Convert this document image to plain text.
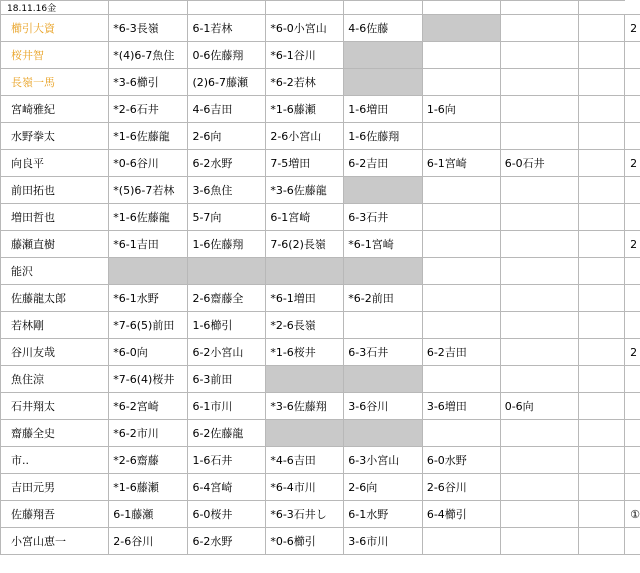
18.11.16金								
櫛引大資	*6-3長嶺	6-1若林	*6-0小宮山	4-6佐藤				2
桜井智	*(4)6-7魚住	0-6佐藤翔	*6-1谷川					
長嶺一馬	*3-6櫛引	(2)6-7藤瀬	*6-2若林					
宮崎雅紀	*2-6石井	4-6吉田	*1-6藤瀬	1-6増田	1-6向			
水野拳太	*1-6佐藤龍	2-6向	2-6小宮山	1-6佐藤翔				
向良平	*0-6谷川	6-2水野	7-5増田	6-2吉田	6-1宮崎	6-0石井		2
前田拓也	*(5)6-7若林	3-6魚住	*3-6佐藤龍					
増田哲也	*1-6佐藤龍	5-7向	6-1宮崎	6-3石井				
藤瀬直樹	*6-1吉田	1-6佐藤翔	7-6(2)長嶺	*6-1宮崎				2
能沢								
佐藤龍太郎	*6-1水野	2-6齋藤全	*6-1増田	*6-2前田				
若林剛	*7-6(5)前田	1-6櫛引	*2-6長嶺					
谷川友哉	*6-0向	6-2小宮山	*1-6桜井	6-3石井	6-2吉田			2
魚住涼	*7-6(4)桜井	6-3前田						
石井翔太	*6-2宮崎	6-1市川	*3-6佐藤翔	3-6谷川	3-6増田	0-6向		
齋藤全史	*6-2市川	6-2佐藤龍						
市..	*2-6齋藤	1-6石井	*4-6吉田	6-3小宮山	6-0水野			
吉田元男	*1-6藤瀬	6-4宮崎	*6-4市川	2-6向	2-6谷川			
佐藤翔吾	6-1藤瀬	6-0桜井	*6-3石井し	6-1水野	6-4櫛引			①
小宮山恵一	2-6谷川	6-2水野	*0-6櫛引	3-6市川				
